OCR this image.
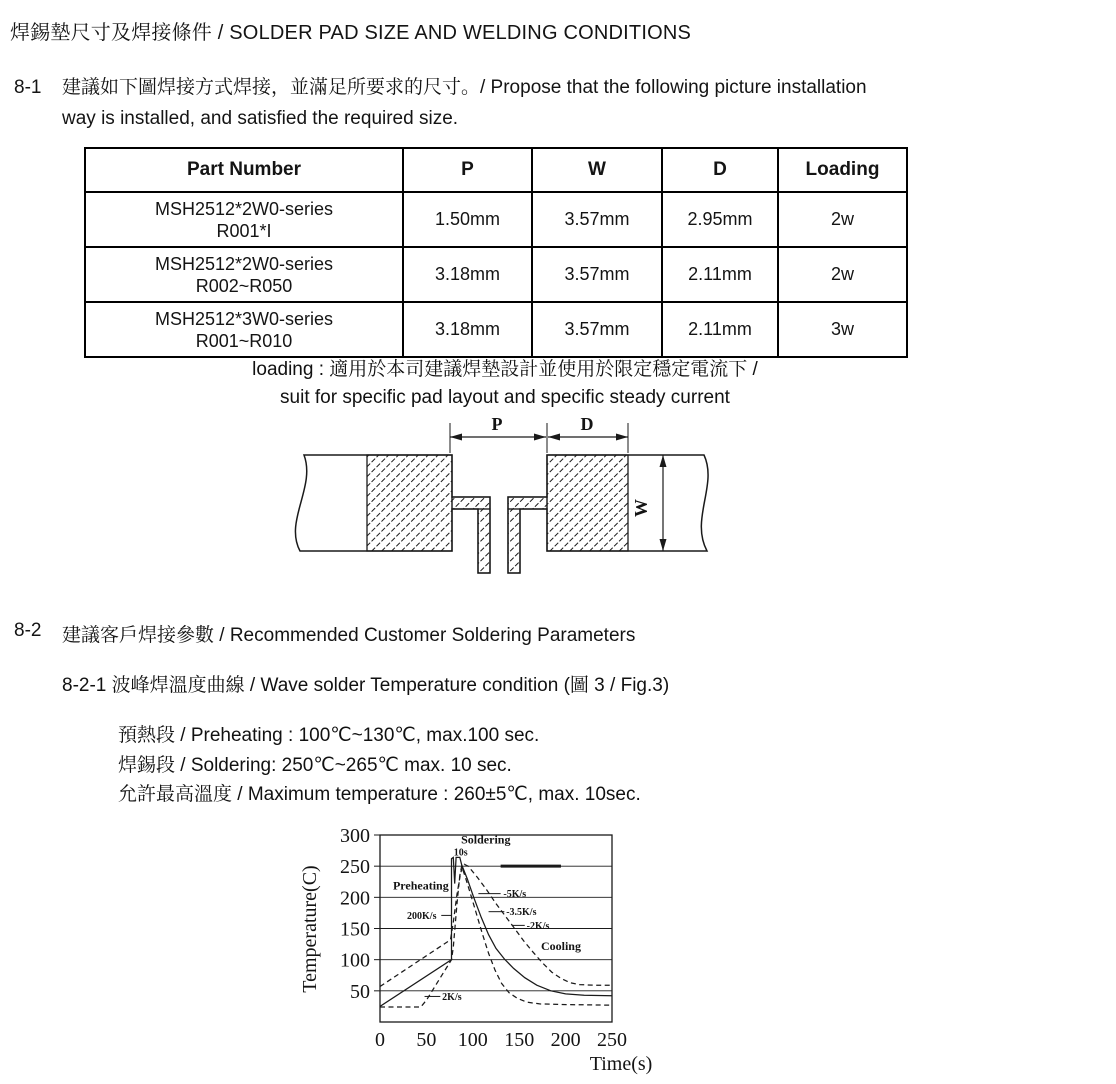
焊錫墊尺寸及焊接條件 / SOLDER PAD SIZE AND WELDING CONDITIONS
8-1	建議如下圖焊接方式焊接，並滿足所要求的尺寸。/ Propose that the following picture installation
way is installed, and satisfied the required size.
Part Number	P	W	D	Loading

MSH2512*2W0-series
R001*I	1.50mm	3.57mm	2.95mm	2w

MSH2512*2W0-series
R002~R050	3.18mm	3.57mm	2.11mm	2w

MSH2512*3W0-series
R001~R010	3.18mm	3.57mm	2.11mm	3w
loading : 適用於本司建議焊墊設計並使用於限定穩定電流下 /
suit for specific pad layout and specific steady current
P	D
W
8-2	建議客戶焊接參數 / Recommended Customer Soldering Parameters
8-2-1 波峰焊溫度曲線 / Wave solder Temperature condition (圖 3 / Fig.3)
預熱段 / Preheating : 100℃~130℃, max.100 sec.
焊錫段 / Soldering: 250℃~265℃ max. 10 sec.
允許最高溫度 / Maximum temperature : 260±5℃, max. 10sec.
50
100
150
200
250
300
0 50 100 150 200 250
Temperature(C)
Time(s)
Soldering
10s
Preheating
200K/s
-5K/s
-3.5K/s
-2K/s
Cooling
2K/s
